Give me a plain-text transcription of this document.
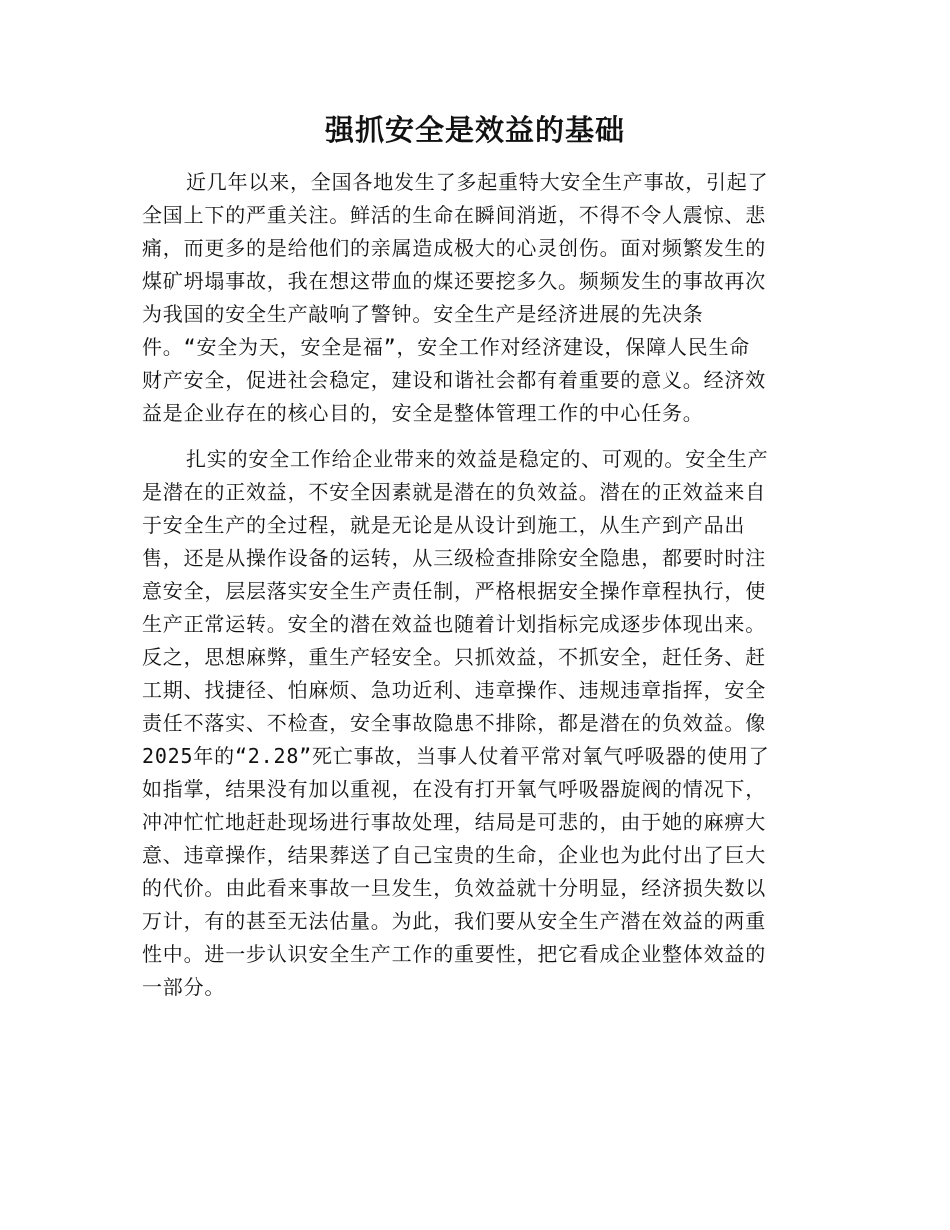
强抓安全是效益的基础
近几年以来，全国各地发生了多起重特大安全生产事故，引起了
全国上下的严重关注。鲜活的生命在瞬间消逝，不得不令人震惊、悲
痛，而更多的是给他们的亲属造成极大的心灵创伤。面对频繁发生的
煤矿坍塌事故，我在想这带血的煤还要挖多久。频频发生的事故再次
为我国的安全生产敲响了警钟。安全生产是经济进展的先决条
件。“安全为天，安全是福”，安全工作对经济建设，保障人民生命
财产安全，促进社会稳定，建设和谐社会都有着重要的意义。经济效
益是企业存在的核心目的，安全是整体管理工作的中心任务。
扎实的安全工作给企业带来的效益是稳定的、可观的。安全生产
是潜在的正效益，不安全因素就是潜在的负效益。潜在的正效益来自
于安全生产的全过程，就是无论是从设计到施工，从生产到产品出
售，还是从操作设备的运转，从三级检查排除安全隐患，都要时时注
意安全，层层落实安全生产责任制，严格根据安全操作章程执行，使
生产正常运转。安全的潜在效益也随着计划指标完成逐步体现出来。
反之，思想麻弊，重生产轻安全。只抓效益，不抓安全，赶任务、赶
工期、找捷径、怕麻烦、急功近利、违章操作、违规违章指挥，安全
责任不落实、不检查，安全事故隐患不排除，都是潜在的负效益。像
2025年的“2.28”死亡事故，当事人仗着平常对氧气呼吸器的使用了
如指掌，结果没有加以重视，在没有打开氧气呼吸器旋阀的情况下，
冲冲忙忙地赶赴现场进行事故处理，结局是可悲的，由于她的麻痹大
意、违章操作，结果葬送了自己宝贵的生命，企业也为此付出了巨大
的代价。由此看来事故一旦发生，负效益就十分明显，经济损失数以
万计，有的甚至无法估量。为此，我们要从安全生产潜在效益的两重
性中。进一步认识安全生产工作的重要性，把它看成企业整体效益的
一部分。
